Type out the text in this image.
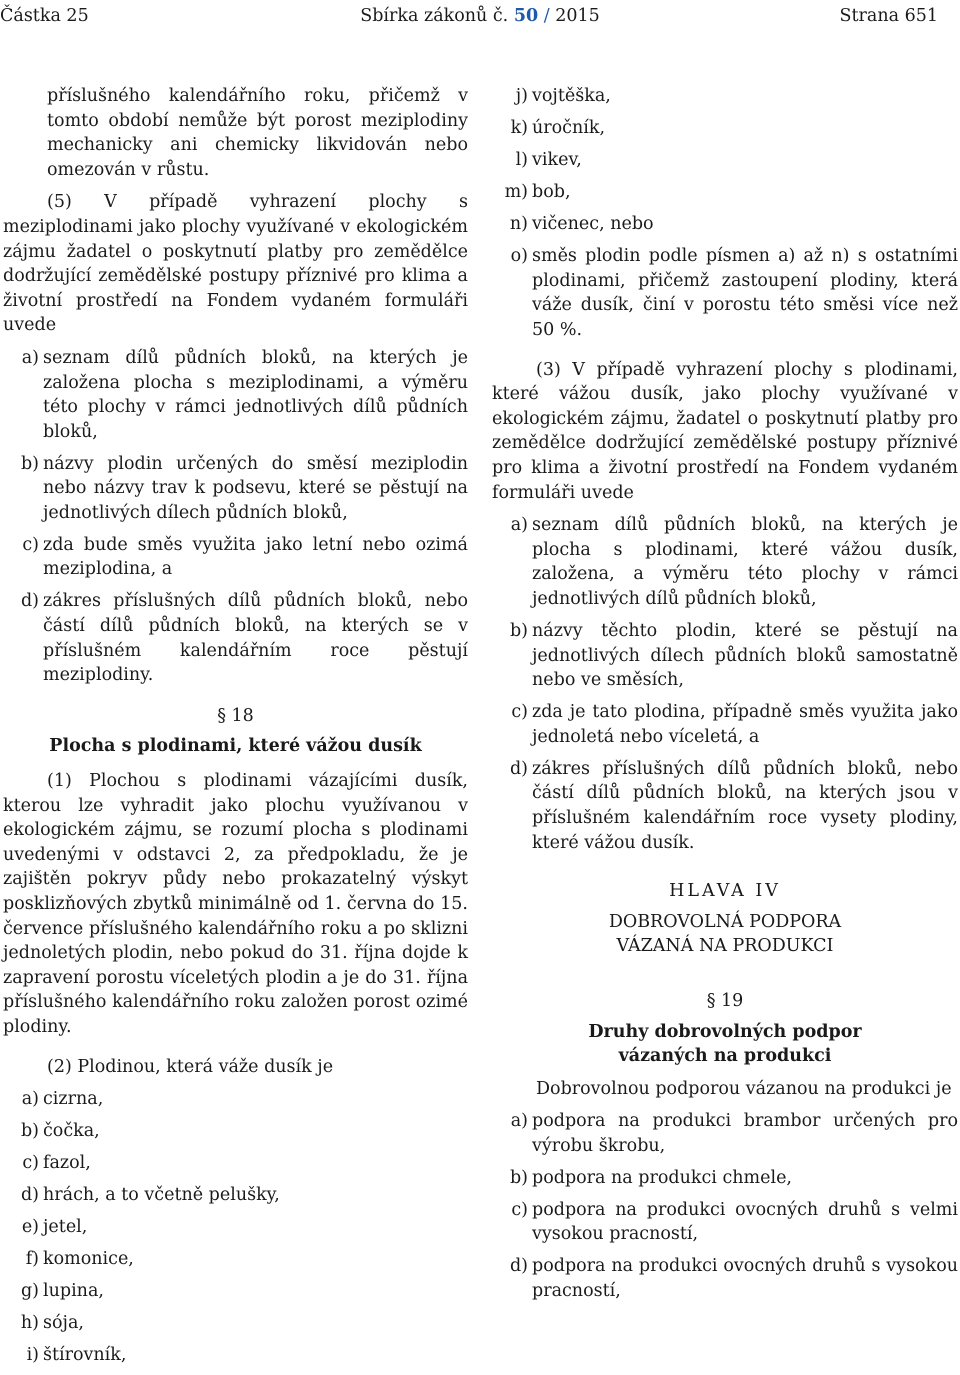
Částka 25	Sbírka zákonů č. 50 / 2015	Strana 651

příslušného kalendářního roku, přičemž v tomto období nemůže být porost meziplodiny mechanicky ani chemicky likvidován nebo omezován v růstu.

(5) V případě vyhrazení plochy s meziplodinami jako plochy využívané v ekologickém zájmu žadatel o poskytnutí platby pro zemědělce dodržující zemědělské postupy příznivé pro klima a životní prostředí na Fondem vydaném formuláři uvede

a) seznam dílů půdních bloků, na kterých je založena plocha s meziplodinami, a výměru této plochy v rámci jednotlivých dílů půdních bloků,
b) názvy plodin určených do směsí meziplodin nebo názvy trav k podsevu, které se pěstují na jednotlivých dílech půdních bloků,
c) zda bude směs využita jako letní nebo ozimá meziplodina, a
d) zákres příslušných dílů půdních bloků, nebo částí dílů půdních bloků, na kterých se v příslušném kalendářním roce pěstují meziplodiny.
§ 18
Plocha s plodinami, které vážou dusík

(1) Plochou s plodinami vázajícími dusík, kterou lze vyhradit jako plochu využívanou v ekologickém zájmu, se rozumí plocha s plodinami uvedenými v odstavci 2, za předpokladu, že je zajištěn pokryv půdy nebo prokazatelný výskyt posklizňových zbytků minimálně od 1. června do 15. července příslušného kalendářního roku a po sklizni jednoletých plodin, nebo pokud do 31. října dojde k zapravení porostu víceletých plodin a je do 31. října příslušného kalendářního roku založen porost ozimé plodiny.

(2) Plodinou, která váže dusík je

a) cizrna,
b) čočka,
c) fazol,
d) hrách, a to včetně pelušky,
e) jetel,
f) komonice,
g) lupina,
h) sója,
i) štírovník,
j) vojtěška,
k) úročník,
l) vikev,
m) bob,
n) vičenec, nebo
o) směs plodin podle písmen a) až n) s ostatními plodinami, přičemž zastoupení plodiny, která váže dusík, činí v porostu této směsi více než 50 %.

(3) V případě vyhrazení plochy s plodinami, které vážou dusík, jako plochy využívané v ekologickém zájmu, žadatel o poskytnutí platby pro zemědělce dodržující zemědělské postupy příznivé pro klima a životní prostředí na Fondem vydaném formuláři uvede

a) seznam dílů půdních bloků, na kterých je plocha s plodinami, které vážou dusík, založena, a výměru této plochy v rámci jednotlivých dílů půdních bloků,
b) názvy těchto plodin, které se pěstují na jednotlivých dílech půdních bloků samostatně nebo ve směsích,
c) zda je tato plodina, případně směs využita jako jednoletá nebo víceletá, a
d) zákres příslušných dílů půdních bloků, nebo částí dílů půdních bloků, na kterých jsou v příslušném kalendářním roce vysety plodiny, které vážou dusík.
HLAVA IV
DOBROVOLNÁ PODPORA
VÁZANÁ NA PRODUKCI
§ 19
Druhy dobrovolných podpor
vázaných na produkci

Dobrovolnou podporou vázanou na produkci je

a) podpora na produkci brambor určených pro výrobu škrobu,
b) podpora na produkci chmele,
c) podpora na produkci ovocných druhů s velmi vysokou pracností,
d) podpora na produkci ovocných druhů s vysokou pracností,
